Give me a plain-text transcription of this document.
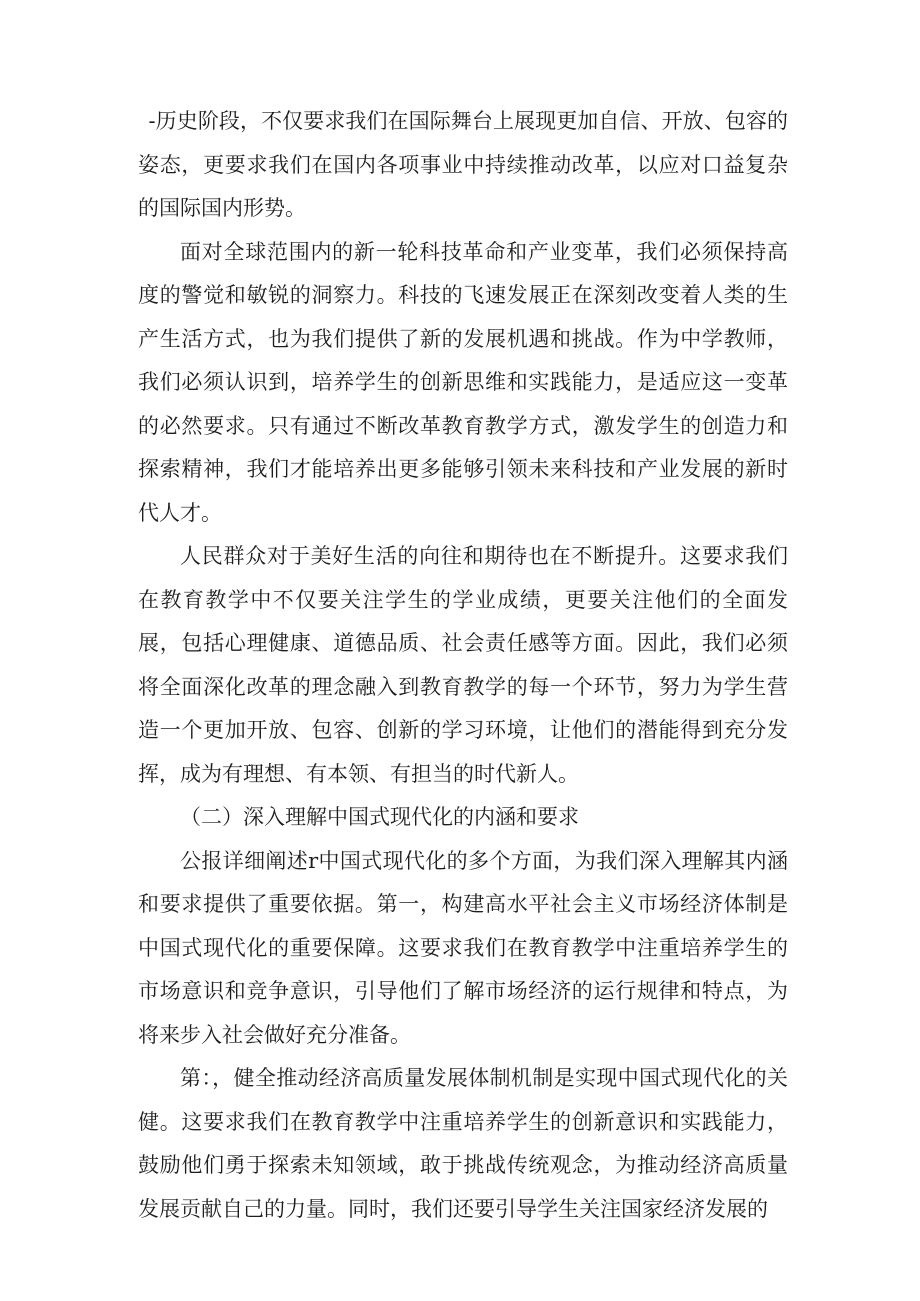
-历史阶段，不仅要求我们在国际舞台上展现更加自信、开放、包容的姿态，更要求我们在国内各项事业中持续推动改革，以应对口益复杂的国际国内形势。

面对全球范围内的新一轮科技革命和产业变革，我们必须保持高度的警觉和敏锐的洞察力。科技的飞速发展正在深刻改变着人类的生产生活方式，也为我们提供了新的发展机遇和挑战。作为中学教师，我们必须认识到，培养学生的创新思维和实践能力，是适应这一变革的必然要求。只有通过不断改革教育教学方式，激发学生的创造力和探索精神，我们才能培养出更多能够引领未来科技和产业发展的新时代人才。

人民群众对于美好生活的向往和期待也在不断提升。这要求我们在教育教学中不仅要关注学生的学业成绩，更要关注他们的全面发展，包括心理健康、道德品质、社会责任感等方面。因此，我们必须将全面深化改革的理念融入到教育教学的每一个环节，努力为学生营造一个更加开放、包容、创新的学习环境，让他们的潜能得到充分发挥，成为有理想、有本领、有担当的时代新人。

（二）深入理解中国式现代化的内涵和要求

公报详细阐述r中国式现代化的多个方面，为我们深入理解其内涵和要求提供了重要依据。第一，构建高水平社会主义市场经济体制是中国式现代化的重要保障。这要求我们在教育教学中注重培养学生的市场意识和竞争意识，引导他们了解市场经济的运行规律和特点，为将来步入社会做好充分准备。

第：，健全推动经济高质量发展体制机制是实现中国式现代化的关健。这要求我们在教育教学中注重培养学生的创新意识和实践能力，鼓励他们勇于探索未知领域，敢于挑战传统观念，为推动经济高质量发展贡献自己的力量。同时，我们还要引导学生关注国家经济发展的
